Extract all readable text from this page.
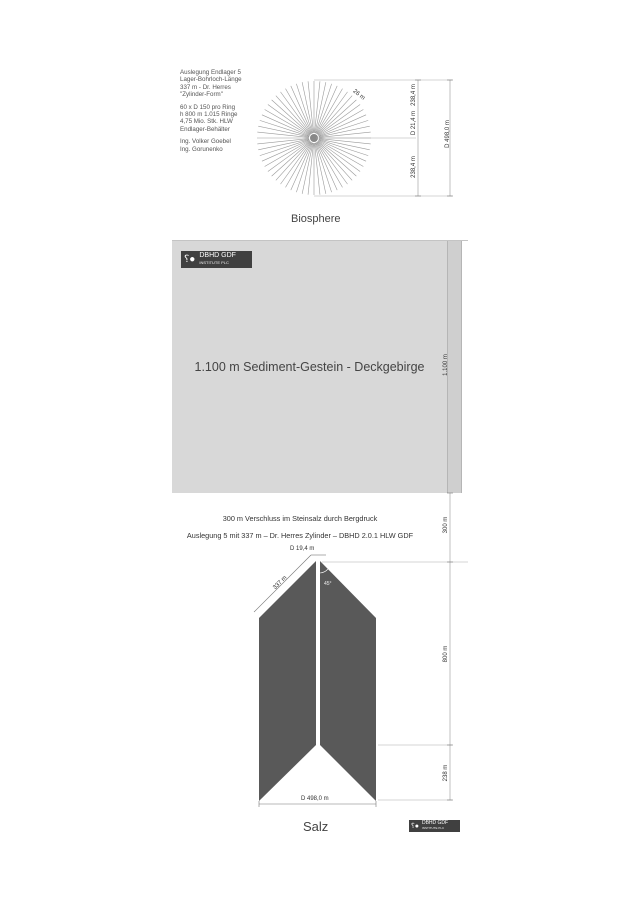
Auslegung Endlager 5
Lager-Bohrloch-Länge
337 m - Dr. Herres
"Zylinder-Form"

60 x D 150 pro Ring
h 800 m 1.015 Ringe
4,75 Mio. Stk. HLW
Endlager-Behälter

Ing. Volker Goebel
Ing. Gorunenko

26 m	238,4 m
D 21,4 m
238,4 m
D 498,0 m
Biosphere
⸮● DBHD GDF
INSTITUTE PLC
1.100 m Sediment-Gestein - Deckgebirge	1.100 m
300 m Verschluss im Steinsalz durch Bergdruck
Auslegung 5 mit 337 m – Dr. Herres Zylinder – DBHD 2.0.1 HLW GDF
300 m
D 19,4 m
337 m	45°
800 m
238 m
D 498,0 m
Salz	⸮● DBHD GDF
INSTITUTE PLC
